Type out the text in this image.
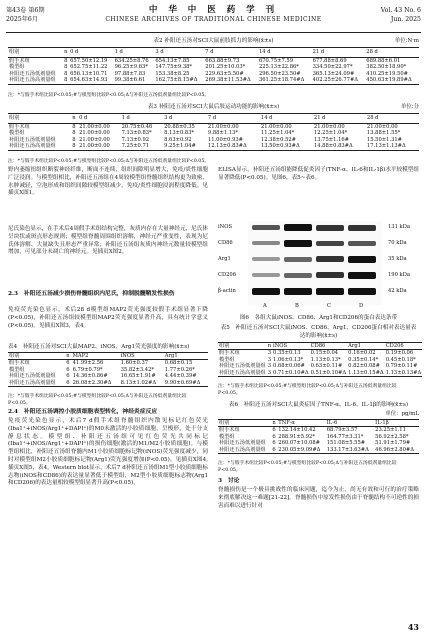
第43卷 第6期
2025年6月
中 华 中 医 药 学 刊
CHINESE ARCHIVES OF TRADITIONAL CHINESE MEDICINE
Vol. 43 No. 6
Jun. 2025
表2 补阳还五汤对SCI大鼠前肢抓力的影响(x̄±s)	单位:N·m
组别	n	0 d	1 d	3 d	7 d	14 d	21 d	28 d
假手术组	8	657.50±12.19	634.25±8.76	654.13±7.85	663.88±9.73	670.75±7.59	677.88±8.69	689.88±6.01
模型组	8	652.75±11.22	96.25±9.63*	147.75±9.38*	201.25±10.03*	225.13±22.86*	334.50±22.97*	382.50±18.90*
补阳还五汤低剂量组	8	656.13±10.71	97.88±7.83	153.38±8.25	229.63±5.50#	296.50±23.50#	365.13±24.09#	410.25±19.50#
补阳还五汤高剂量组	8	654.63±14.93	99.38±6.61	162.75±8.15#Δ	269.38±11.53#Δ	361.25±18.74#Δ	402.25±26.77#Δ	450.63±19.89#Δ
注：*与假手术组比较P<0.05;#与模型组比较P<0.05;Δ与补阳还五汤低剂量组比较P<0.05。
表3 补阳还五汤对SCI大鼠后肢运动功能的影响(x̄±s)	单位:分
组别	n	0 d	1 d	3 d	7 d	14 d	21 d	28 d
假手术组	8	21.00±0.00	20.75±0.46	20.88±0.35	21.00±0.00	21.00±0.00	21.00±0.00	21.00±0.00
模型组	8	21.00±0.00	7.13±0.83*	8.13±0.83*	9.88±1.13*	11.25±1.04*	12.25±1.04*	13.88±1.55*
补阳还五汤低剂量组	8	21.00±0.00	7.13±0.92	8.63±0.92	11.00±0.93#	12.38±0.52#	13.75±1.16#	15.50±1.31#
补阳还五汤高剂量组	8	21.00±0.00	7.25±0.71	9.25±1.04#	12.13±0.83#Δ	13.50±0.93#Δ	14.88±0.83#Δ	17.13±1.13#Δ
注：*与假手术组比较P<0.05;#与模型组比较P<0.05;Δ与补阳还五汤低剂量组比较P<0.05。
野内萎缩扭组织断裂神经纤维，断面不连续，组织间隙明显增大，免疫/炎性细胞广泛浸润。与模型组相比，补阳还五汤组在4周较模型组脊髓组织结构更为致密，水肿减轻，空泡形成和组织间隙较模型组减少，免疫/炎性细胞浸润程度降低。见插页X图1。
尼氏染色显示，在手术后4周假手术组结构完整，灰质内存在大量神经元，尼氏体呈块状或斑点形态规则；模型组脊髓周围组织溶解，神经元严重变性，表现为尼氏体溶解、大量缺失且形态严重异常；补阳还五汤组灰质内神经元数量较模型组增加，可见部分未凋亡的神经元。见插页X图2。
2.3　补阳还五汤减少损伤脊髓组织内尼氏，抑制脱髓鞘发性损伤
免疫荧光染色显示，术后28 d模型组MAP2荧光强度较假手术组显著下降(P<0.05)，补阳还五汤组较模型组MAP2荧光强度显著升高，具有统计学意义(P<0.05)。见插页X图3，表4。
表4　补阳还五汤对SCI大鼠MAP2、iNOS、Arg1荧光强度的影响(x̄±s)
组别	n	MAP2	iNOS	Arg1
假手术组	6	41.99±2.56	1.60±0.37	0.68±0.15
模型组	6	6.79±0.79*	35.82±3.42*	1.77±0.26*
补阳还五汤低剂量组	6	14.36±0.86#	16.65±1.91#	4.44±0.39#
补阳还五汤高剂量组	6	26.08±2.30#Δ	8.13±1.02#Δ	9.90±0.69#Δ
注：*与假手术组比较P<0.05;#与模型组比较P<0.05;Δ与补阳还五汤低剂量组比较P<0.05。
2.4　补阳还五汤调控小胶质细胞表型转化，神经炎症反应
免疫荧光染色显示，术后7 d假手术组脊髓组织内散见标记红色荧光(Iba1⁺+iNOS/Arg1⁺+DAPI⁺)的M0未激活的小胶质细胞，呈梭形，处于分支静息状态。模型组、补阳还五汤组可见红色荧光共同标记(Iba1⁺+iNOS/Arg1⁺+DAPI⁺)的损伤细胞(激活的M1/M2小胶质细胞)。与模型组相比，补阳还五汤组脊髓内M1小胶质细胞标记物(iNOS)荧光强度减少，同时对模型组M2小胶质细胞标记物(Arg1)荧光强度增加(P<0.05)。见插页X图4,插页X图5，表4。Western blot显示，术后7 d补阳还五汤组M1型小胶质细胞标志物(iNOS和CD86)的表达量显著低于模型组，M2型小胶质细胞标志物(Arg1和CD206)的表达量相较模型组显著升高(P<0.05)。
ELISA显示，补阳还五汤组能降低促炎因子(TNF-α、IL-6和IL-1β)水平较模型组显著降低(P<0.05)。见图6，表5~表6。
iNOS
CD86
Arg1
CD206
β-actin
131 kDa
70 kDa
35 kDa
190 kDa
42 kDa
A	B	C	D
图6　各组大鼠iNOS、CD86、Arg1和CD206的蛋白表达条带
表5　补阳还五汤对SCI大鼠iNOS、CD86、Arg1、CD206蛋白相对表达量表达的影响(x̄±s)
组别	n	iNOS	CD86	Arg1	CD206
假手术组	3	0.35±0.13	0.15±0.04	0.16±0.02	0.19±0.06
模型组	3	1.06±0.13*	1.13±0.13*	0.35±0.14*	0.45±0.18*
补阳还五汤低剂量组	3	0.68±0.06#	0.63±0.11#	0.82±0.08#	0.79±0.11#
补阳还五汤高剂量组	3	0.71±0.10#Δ	0.51±0.10#Δ	1.13±0.15#Δ	1.13±0.13#Δ
注：*与假手术组比较P<0.05;#与模型组比较P<0.05;Δ与补阳还五汤低剂量组比较P<0.05。
表6　补阳还五汤对SCI大鼠炎症因子TNF-α、IL-6、IL-1β的影响(x̄±s)
单位：pg/mL
组别	n	TNF-α	IL-6	IL-1β
假手术组	6	132.14±10.42	68.79±3.57	23.25±1.11
模型组	6	288.91±5.92*	164.77±3.31*	56.92±2.58*
补阳还五汤低剂量组	6	260.07±10.08#	151.08±5.55#	51.91±1.79#
补阳还五汤高剂量组	6	230.05±9.09#Δ	133.17±3.63#Δ	46.96±2.80#Δ
注：*与假手术组比较P<0.05;#与模型组比较P<0.05;Δ与补阳还五汤低剂量组比较P<0.05。
3　讨论
脊髓损伤是一个极具挑战性的临床问题，迄今为止，尚无有效和可行的治疗策略来彻底解决这一难题[21-22]。脊髓损伤中原发性损伤由于脊髓结构不可逆性的损害而难以进行针对
43
